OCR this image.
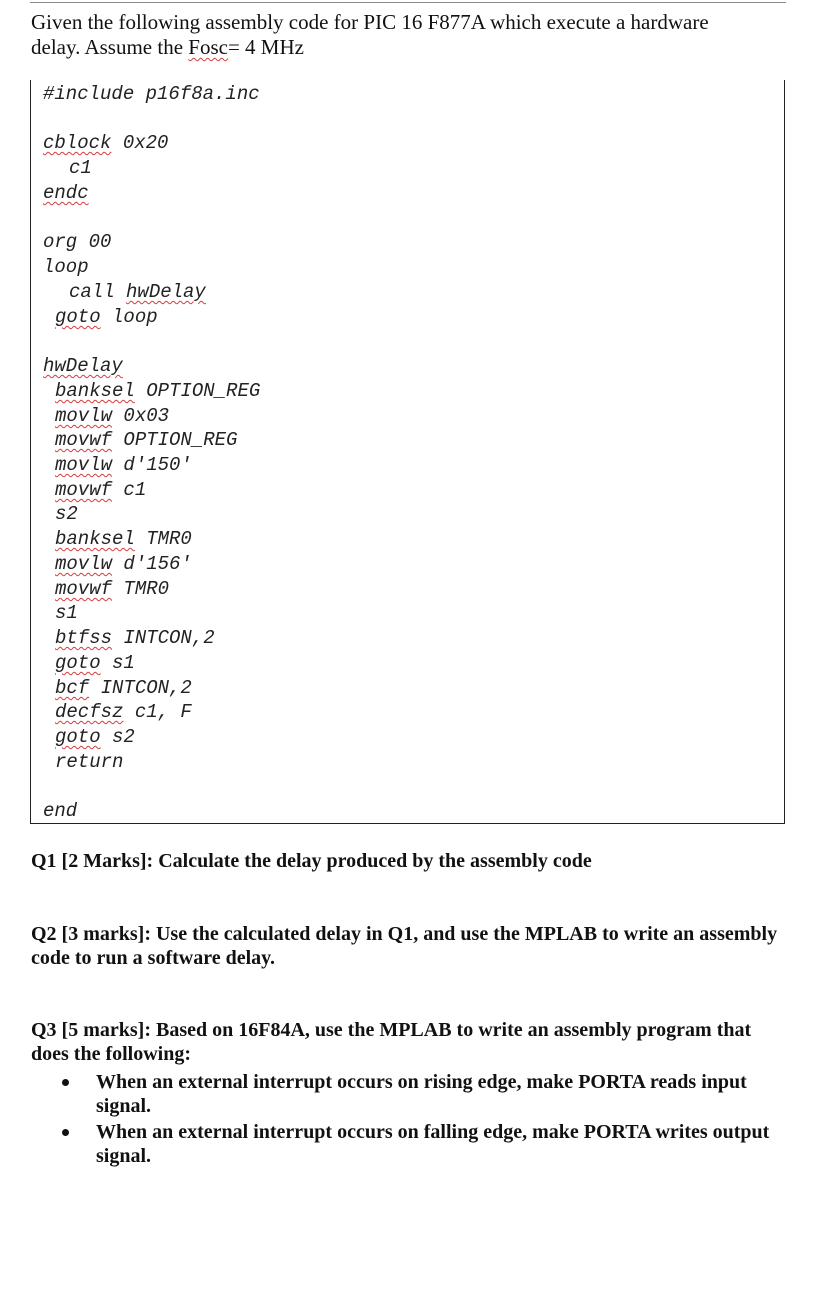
Given the following assembly code for PIC 16 F877A which execute a hardware
delay. Assume the Fosc= 4 MHz
#include p16f8a.inc
cblock 0x20
c1
endc
org 00
loop
call hwDelay
goto loop
hwDelay
banksel OPTION_REG
movlw 0x03
movwf OPTION_REG
movlw d'150'
movwf c1
s2
banksel TMR0
movlw d'156'
movwf TMR0
s1
btfss INTCON,2
goto s1
bcf INTCON,2
decfsz c1, F
goto s2
return
end
Q1 [2 Marks]: Calculate the delay produced by the assembly code
Q2 [3 marks]: Use the calculated delay in Q1, and use the MPLAB to write an assembly code to run a software delay.
Q3 [5 marks]: Based on 16F84A, use the MPLAB to write an assembly program that does the following:
When an external interrupt occurs on rising edge, make PORTA reads input signal.
When an external interrupt occurs on falling edge, make PORTA writes output signal.
